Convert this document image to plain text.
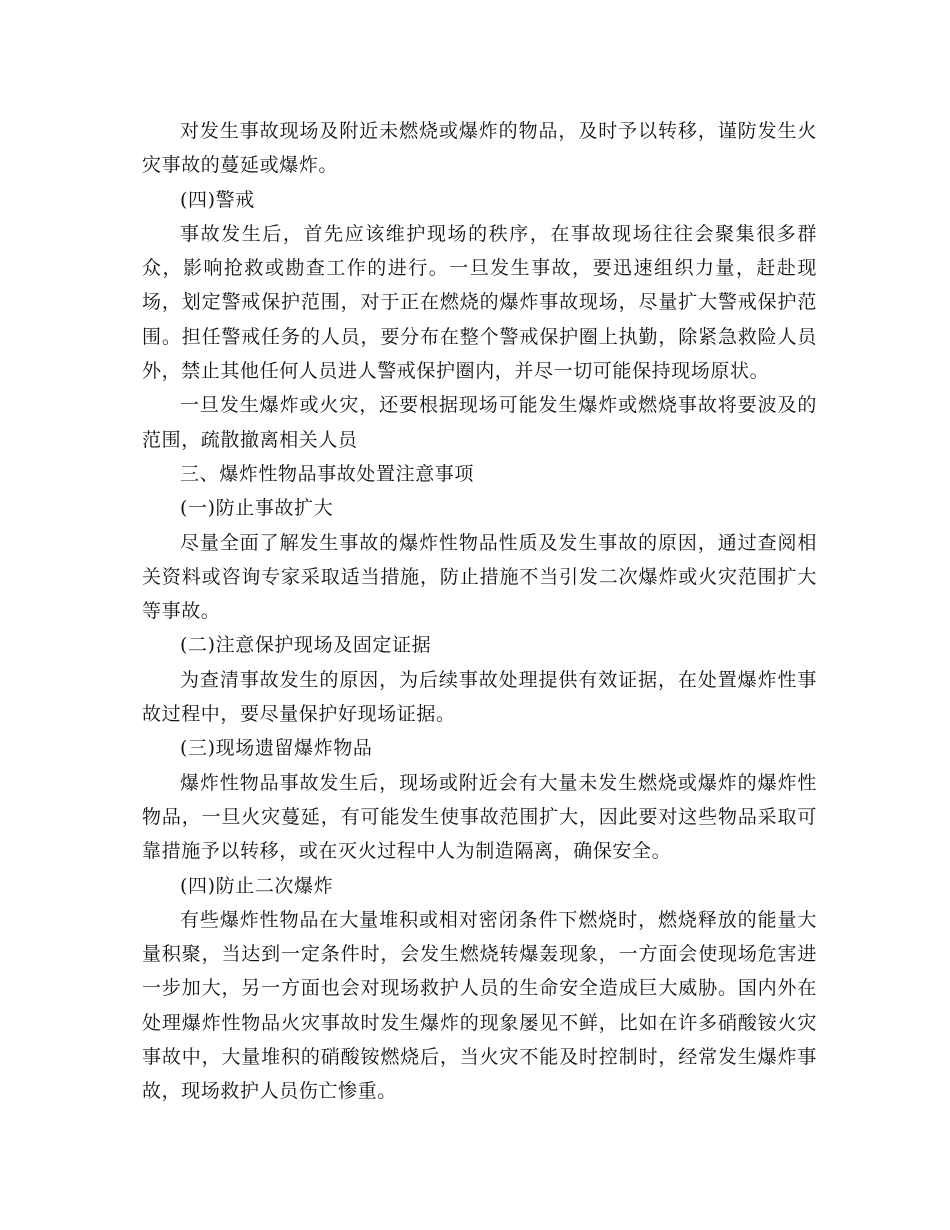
对发生事故现场及附近未燃烧或爆炸的物品，及时予以转移，谨防发生火灾事故的蔓延或爆炸。

(四)警戒

事故发生后，首先应该维护现场的秩序，在事故现场往往会聚集很多群众，影响抢救或勘查工作的进行。一旦发生事故，要迅速组织力量，赶赴现场，划定警戒保护范围，对于正在燃烧的爆炸事故现场，尽量扩大警戒保护范围。担任警戒任务的人员，要分布在整个警戒保护圈上执勤，除紧急救险人员外，禁止其他任何人员进人警戒保护圈内，并尽一切可能保持现场原状。

一旦发生爆炸或火灾，还要根据现场可能发生爆炸或燃烧事故将要波及的范围，疏散撤离相关人员

三、爆炸性物品事故处置注意事项

(一)防止事故扩大

尽量全面了解发生事故的爆炸性物品性质及发生事故的原因，通过查阅相关资料或咨询专家采取适当措施，防止措施不当引发二次爆炸或火灾范围扩大等事故。

(二)注意保护现场及固定证据

为查清事故发生的原因，为后续事故处理提供有效证据，在处置爆炸性事故过程中，要尽量保护好现场证据。

(三)现场遗留爆炸物品

爆炸性物品事故发生后，现场或附近会有大量未发生燃烧或爆炸的爆炸性物品，一旦火灾蔓延，有可能发生使事故范围扩大，因此要对这些物品采取可靠措施予以转移，或在灭火过程中人为制造隔离，确保安全。

(四)防止二次爆炸

有些爆炸性物品在大量堆积或相对密闭条件下燃烧时，燃烧释放的能量大量积聚，当达到一定条件时，会发生燃烧转爆轰现象，一方面会使现场危害进一步加大，另一方面也会对现场救护人员的生命安全造成巨大威胁。国内外在处理爆炸性物品火灾事故时发生爆炸的现象屡见不鲜，比如在许多硝酸铵火灾事故中，大量堆积的硝酸铵燃烧后，当火灾不能及时控制时，经常发生爆炸事故，现场救护人员伤亡惨重。
